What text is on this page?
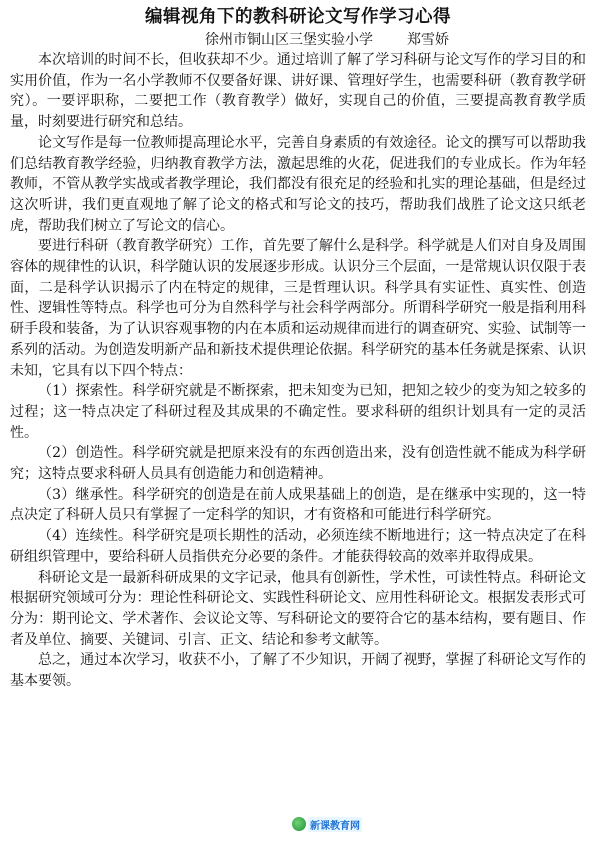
编辑视角下的教科研论文写作学习心得
徐州市铜山区三堡实验小学 郑雪娇

本次培训的时间不长，但收获却不少。通过培训了解了学习科研与论文写作的学习目的和实用价值，作为一名小学教师不仅要备好课、讲好课、管理好学生，也需要科研（教育教学研究）。一要评职称，二要把工作（教育教学）做好，实现自己的价值，三要提高教育教学质量，时刻要进行研究和总结。

论文写作是每一位教师提高理论水平，完善自身素质的有效途径。论文的撰写可以帮助我们总结教育教学经验，归纳教育教学方法，激起思维的火花，促进我们的专业成长。作为年轻教师，不管从教学实战或者教学理论，我们都没有很充足的经验和扎实的理论基础，但是经过这次听讲，我们更直观地了解了论文的格式和写论文的技巧，帮助我们战胜了论文这只纸老虎，帮助我们树立了写论文的信心。

要进行科研（教育教学研究）工作，首先要了解什么是科学。科学就是人们对自身及周围容体的规律性的认识，科学随认识的发展逐步形成。认识分三个层面，一是常规认识仅限于表面，二是科学认识揭示了内在特定的规律，三是哲理认识。科学具有实证性、真实性、创造性、逻辑性等特点。科学也可分为自然科学与社会科学两部分。所谓科学研究一般是指利用科研手段和装备，为了认识容观事物的内在本质和运动规律而进行的调查研究、实验、试制等一系列的活动。为创造发明新产品和新技术提供理论依据。科学研究的基本任务就是探索、认识未知，它具有以下四个特点：

（1）探索性。科学研究就是不断探索，把未知变为已知，把知之较少的变为知之较多的过程；这一特点决定了科研过程及其成果的不确定性。要求科研的组织计划具有一定的灵活性。

（2）创造性。科学研究就是把原来没有的东西创造出来，没有创造性就不能成为科学研究；这特点要求科研人员具有创造能力和创造精神。

（3）继承性。科学研究的创造是在前人成果基础上的创造，是在继承中实现的，这一特点决定了科研人员只有掌握了一定科学的知识，才有资格和可能进行科学研究。

（4）连续性。科学研究是项长期性的活动，必须连续不断地进行；这一特点决定了在科研组织管理中，要给科研人员指供充分必要的条件。才能获得较高的效率并取得成果。

科研论文是一最新科研成果的文字记录，他具有创新性，学术性，可读性特点。科研论文根据研究领域可分为：理论性科研论文、实践性科研论文、应用性科研论文。根据发表形式可分为：期刊论文、学术著作、会议论文等、写科研论文的要符合它的基本结构，要有题目、作者及单位、摘要、关键词、引言、正文、结论和参考文献等。

总之，通过本次学习，收获不小，了解了不少知识，开阔了视野，掌握了科研论文写作的基本要领。

新课教育网
